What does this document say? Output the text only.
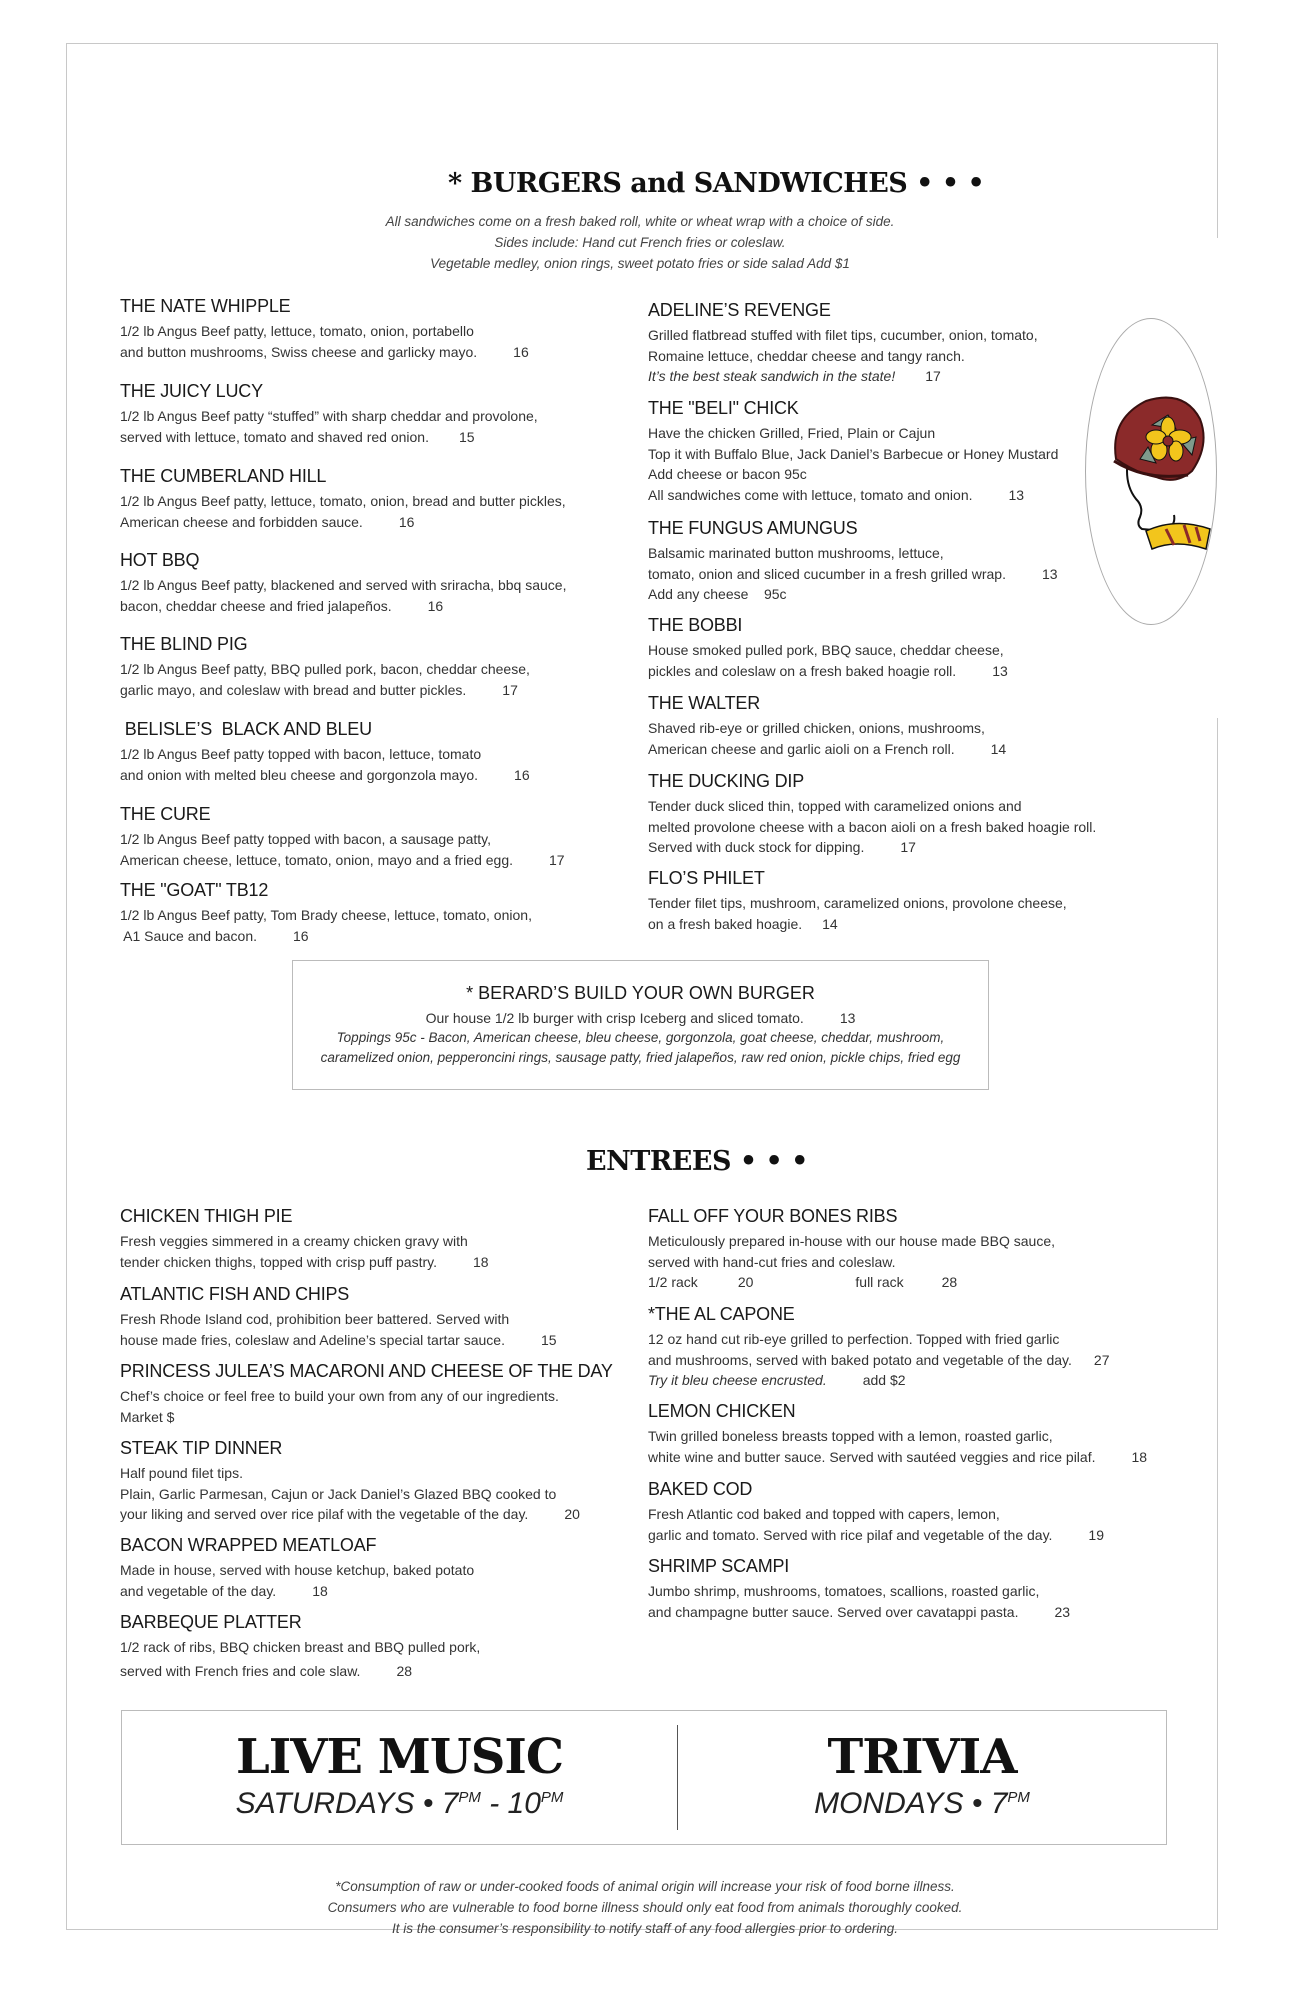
* BURGERS and SANDWICHES • • •
All sandwiches come on a fresh baked roll, white or wheat wrap with a choice of side.
Sides include: Hand cut French fries or coleslaw.
Vegetable medley, onion rings, sweet potato fries or side salad Add $1
THE NATE WHIPPLE
1/2 lb Angus Beef patty, lettuce, tomato, onion, portabello
and button mushrooms, Swiss cheese and garlicky mayo.	16
THE JUICY LUCY
1/2 lb Angus Beef patty “stuffed” with sharp cheddar and provolone,
served with lettuce, tomato and shaved red onion. 15
THE CUMBERLAND HILL
1/2 lb Angus Beef patty, lettuce, tomato, onion, bread and butter pickles,
American cheese and forbidden sauce.	16
HOT BBQ
1/2 lb Angus Beef patty, blackened and served with sriracha, bbq sauce,
bacon, cheddar cheese and fried jalapeños.	16
THE BLIND PIG
1/2 lb Angus Beef patty, BBQ pulled pork, bacon, cheddar cheese,
garlic mayo, and coleslaw with bread and butter pickles.	17
BELISLE’S  BLACK AND BLEU
1/2 lb Angus Beef patty topped with bacon, lettuce, tomato
and onion with melted bleu cheese and gorgonzola mayo.	16
THE CURE
1/2 lb Angus Beef patty topped with bacon, a sausage patty,
American cheese, lettuce, tomato, onion, mayo and a fried egg.	17
THE "GOAT" TB12
1/2 lb Angus Beef patty, Tom Brady cheese, lettuce, tomato, onion,
A1 Sauce and bacon.	16
ADELINE’S REVENGE
Grilled flatbread stuffed with filet tips, cucumber, onion, tomato,
Romaine lettuce, cheddar cheese and tangy ranch.
It’s the best steak sandwich in the state! 17
THE "BELI" CHICK
Have the chicken Grilled, Fried, Plain or Cajun
Top it with Buffalo Blue, Jack Daniel’s Barbecue or Honey Mustard
Add cheese or bacon 95c
All sandwiches come with lettuce, tomato and onion.	13
THE FUNGUS AMUNGUS
Balsamic marinated button mushrooms, lettuce,
tomato, onion and sliced cucumber in a fresh grilled wrap.	13
Add any cheese    95c
THE BOBBI
House smoked pulled pork, BBQ sauce, cheddar cheese,
pickles and coleslaw on a fresh baked hoagie roll.	13
THE WALTER
Shaved rib-eye or grilled chicken, onions, mushrooms,
American cheese and garlic aioli on a French roll.	14
THE DUCKING DIP
Tender duck sliced thin, topped with caramelized onions and
melted provolone cheese with a bacon aioli on a fresh baked hoagie roll.
Served with duck stock for dipping.	17
FLO’S PHILET
Tender filet tips, mushroom, caramelized onions, provolone cheese,
on a fresh baked hoagie. 14
* BERARD’S BUILD YOUR OWN BURGER
Our house 1/2 lb burger with crisp Iceberg and sliced tomato.	13
Toppings 95c - Bacon, American cheese, bleu cheese, gorgonzola, goat cheese, cheddar, mushroom,
caramelized onion, pepperoncini rings, sausage patty, fried jalapeños, raw red onion, pickle chips, fried egg
ENTREES • • •
CHICKEN THIGH PIE
Fresh veggies simmered in a creamy chicken gravy with
tender chicken thighs, topped with crisp puff pastry.	18
ATLANTIC FISH AND CHIPS
Fresh Rhode Island cod, prohibition beer battered. Served with
house made fries, coleslaw and Adeline’s special tartar sauce.	15
PRINCESS JULEA’S MACARONI AND CHEESE OF THE DAY
Chef’s choice or feel free to build your own from any of our ingredients.
Market $
STEAK TIP DINNER
Half pound filet tips.
Plain, Garlic Parmesan, Cajun or Jack Daniel’s Glazed BBQ cooked to
your liking and served over rice pilaf with the vegetable of the day.	20
BACON WRAPPED MEATLOAF
Made in house, served with house ketchup, baked potato
and vegetable of the day.	18
BARBEQUE PLATTER
1/2 rack of ribs, BBQ chicken breast and BBQ pulled pork,
served with French fries and cole slaw.	28
FALL OFF YOUR BONES RIBS
Meticulously prepared in-house with our house made BBQ sauce,
served with hand-cut fries and coleslaw.
1/2 rack	20	full rack	28
*THE AL CAPONE
12 oz hand cut rib-eye grilled to perfection. Topped with fried garlic
and mushrooms, served with baked potato and vegetable of the day. 27
Try it bleu cheese encrusted.	add $2
LEMON CHICKEN
Twin grilled boneless breasts topped with a lemon, roasted garlic,
white wine and butter sauce. Served with sautéed veggies and rice pilaf.	18
BAKED COD
Fresh Atlantic cod baked and topped with capers, lemon,
garlic and tomato. Served with rice pilaf and vegetable of the day.	19
SHRIMP SCAMPI
Jumbo shrimp, mushrooms, tomatoes, scallions, roasted garlic,
and champagne butter sauce. Served over cavatappi pasta.	23
LIVE MUSIC
SATURDAYS • $7^{PM} - 10^{PM}$
TRIVIA
MONDAYS • $7^{PM}$
*Consumption of raw or under-cooked foods of animal origin will increase your risk of food borne illness.
Consumers who are vulnerable to food borne illness should only eat food from animals thoroughly cooked.
It is the consumer’s responsibility to notify staff of any food allergies prior to ordering.
